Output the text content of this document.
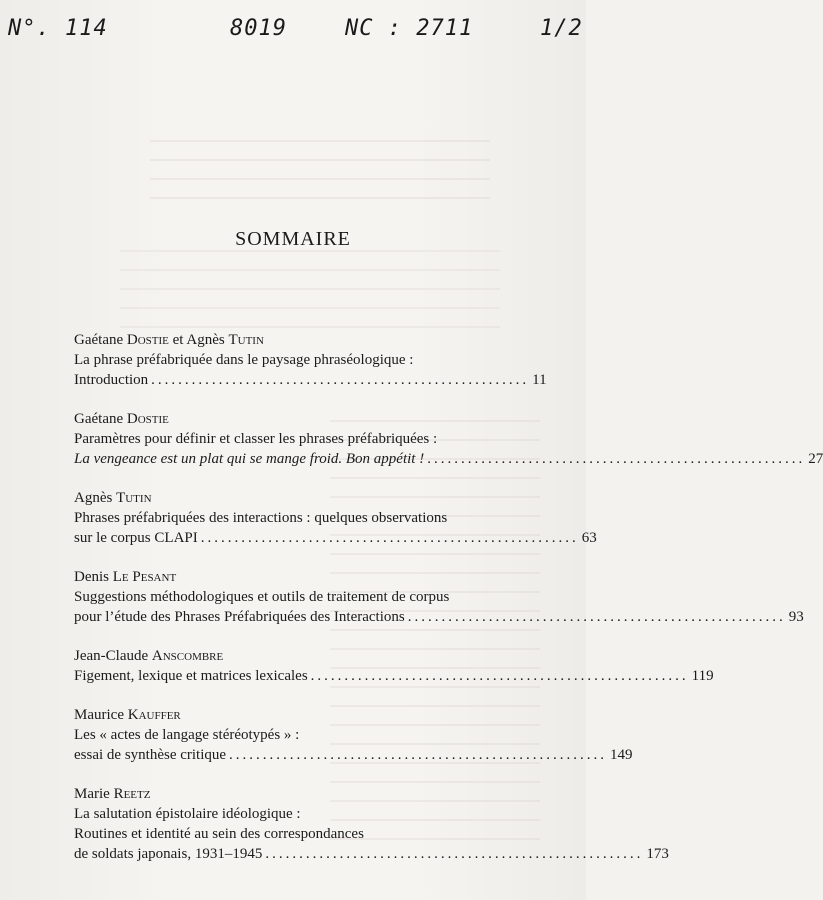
N°. 114	8019	NC : 2711	1/2
SOMMAIRE
Gaétane Dostie et Agnès Tutin
La phrase préfabriquée dans le paysage phraséologique :
Introduction ........................................................ 11
Gaétane Dostie
Paramètres pour définir et classer les phrases préfabriquées :
La vengeance est un plat qui se mange froid. Bon appétit ! ........................................................ 27
Agnès Tutin
Phrases préfabriquées des interactions : quelques observations
sur le corpus CLAPI ........................................................ 63
Denis Le Pesant
Suggestions méthodologiques et outils de traitement de corpus
pour l’étude des Phrases Préfabriquées des Interactions ........................................................ 93
Jean-Claude Anscombre
Figement, lexique et matrices lexicales ........................................................ 119
Maurice Kauffer
Les « actes de langage stéréotypés » :
essai de synthèse critique ........................................................ 149
Marie Reetz
La salutation épistolaire idéologique :
Routines et identité au sein des correspondances
de soldats japonais, 1931–1945 ........................................................ 173
